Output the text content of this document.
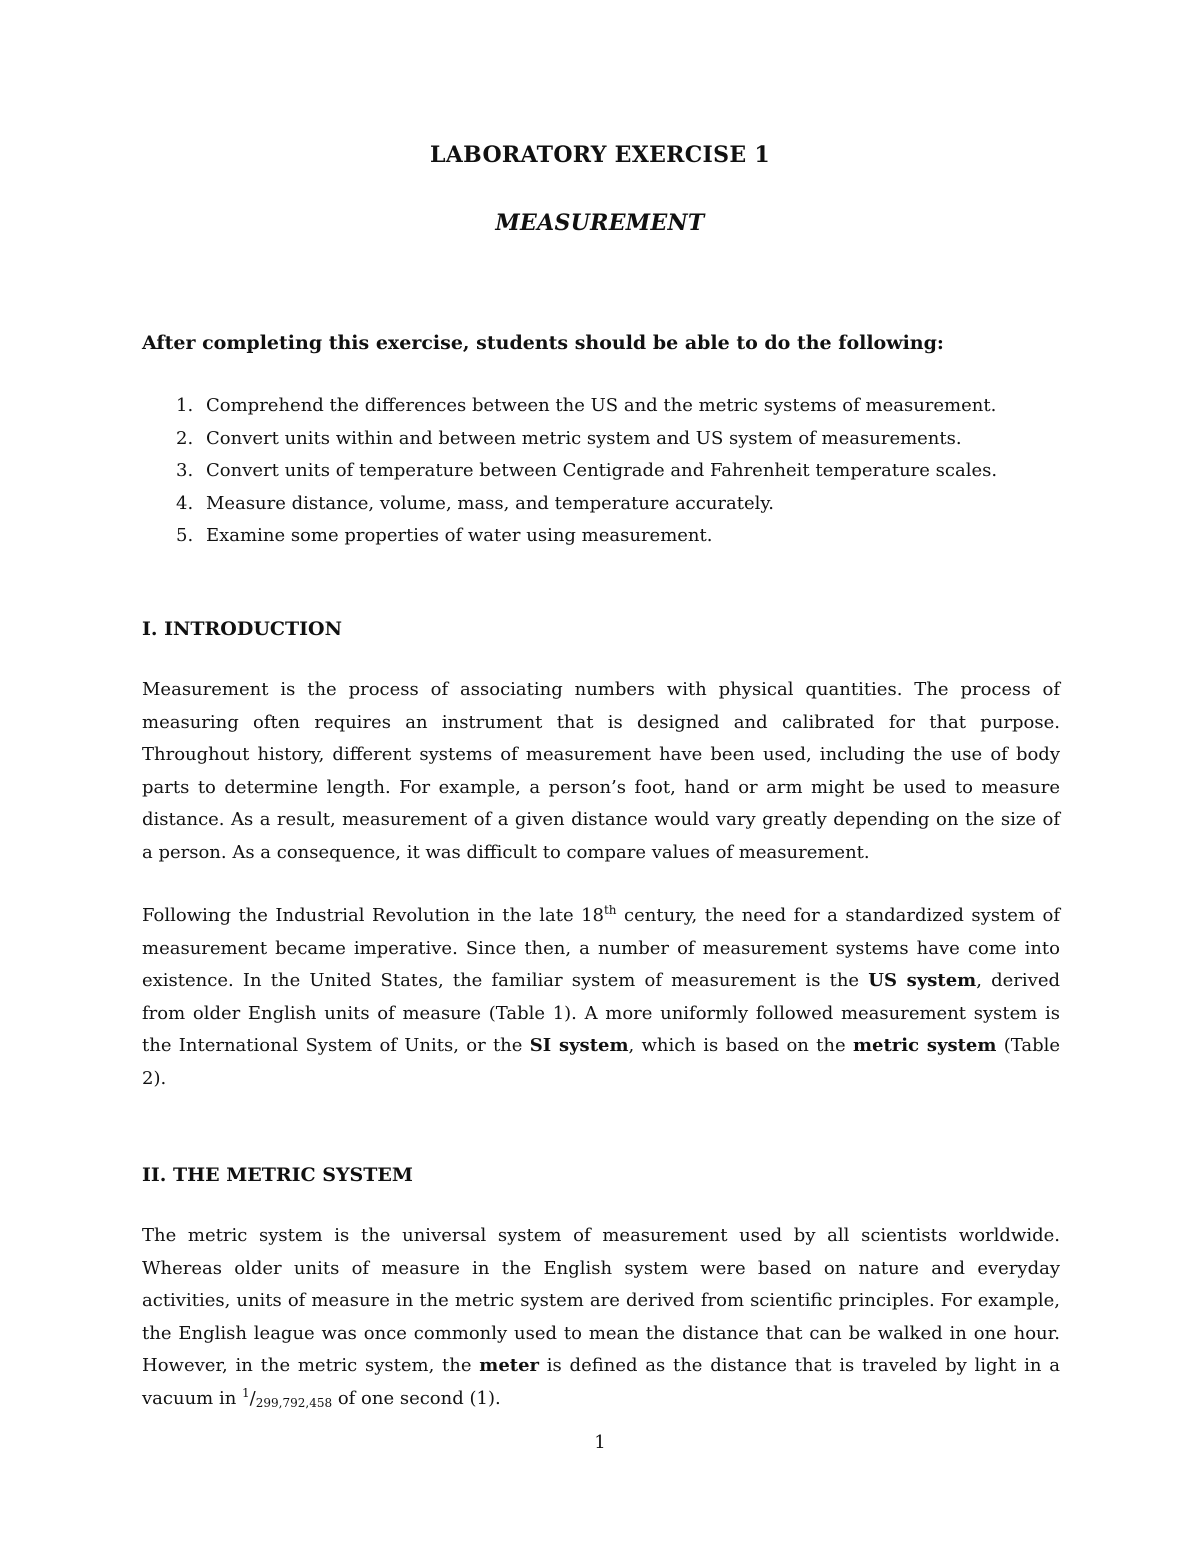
LABORATORY EXERCISE 1
MEASUREMENT
After completing this exercise, students should be able to do the following:
1. Comprehend the differences between the US and the metric systems of measurement.
2. Convert units within and between metric system and US system of measurements.
3. Convert units of temperature between Centigrade and Fahrenheit temperature scales.
4. Measure distance, volume, mass, and temperature accurately.
5. Examine some properties of water using measurement.
I. INTRODUCTION

Measurement is the process of associating numbers with physical quantities. The process of measuring often requires an instrument that is designed and calibrated for that purpose. Throughout history, different systems of measurement have been used, including the use of body parts to determine length. For example, a person’s foot, hand or arm might be used to measure distance. As a result, measurement of a given distance would vary greatly depending on the size of a person. As a consequence, it was difficult to compare values of measurement.

Following the Industrial Revolution in the late 18th century, the need for a standardized system of measurement became imperative. Since then, a number of measurement systems have come into existence. In the United States, the familiar system of measurement is the US system, derived from older English units of measure (Table 1). A more uniformly followed measurement system is the International System of Units, or the SI system, which is based on the metric system (Table 2).

II. THE METRIC SYSTEM

The metric system is the universal system of measurement used by all scientists worldwide. Whereas older units of measure in the English system were based on nature and everyday activities, units of measure in the metric system are derived from scientific principles. For example, the English league was once commonly used to mean the distance that can be walked in one hour. However, in the metric system, the meter is defined as the distance that is traveled by light in a vacuum in $^1$/299,792,458 of one second (1).

1
